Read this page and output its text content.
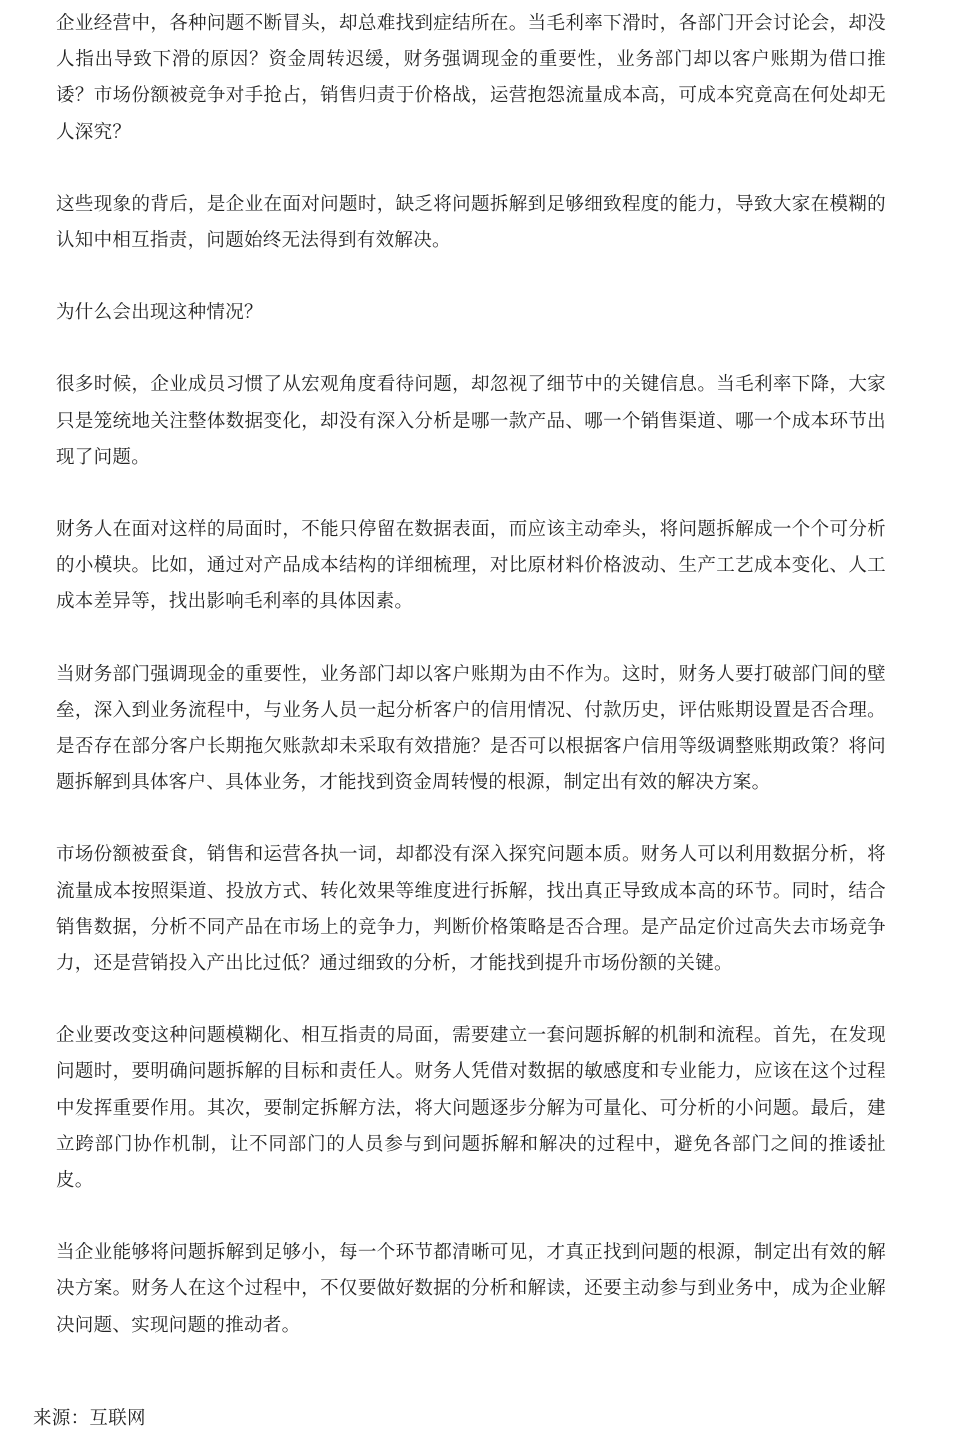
企业经营中，各种问题不断冒头，却总难找到症结所在。当毛利率下滑时，各部门开会讨论会，却没人指出导致下滑的原因？资金周转迟缓，财务强调现金的重要性，业务部门却以客户账期为借口推诿？市场份额被竞争对手抢占，销售归责于价格战，运营抱怨流量成本高，可成本究竟高在何处却无人深究？

这些现象的背后，是企业在面对问题时，缺乏将问题拆解到足够细致程度的能力，导致大家在模糊的认知中相互指责，问题始终无法得到有效解决。

为什么会出现这种情况？

很多时候，企业成员习惯了从宏观角度看待问题，却忽视了细节中的关键信息。当毛利率下降，大家只是笼统地关注整体数据变化，却没有深入分析是哪一款产品、哪一个销售渠道、哪一个成本环节出现了问题。

财务人在面对这样的局面时，不能只停留在数据表面，而应该主动牵头，将问题拆解成一个个可分析的小模块。比如，通过对产品成本结构的详细梳理，对比原材料价格波动、生产工艺成本变化、人工成本差异等，找出影响毛利率的具体因素。

当财务部门强调现金的重要性，业务部门却以客户账期为由不作为。这时，财务人要打破部门间的壁垒，深入到业务流程中，与业务人员一起分析客户的信用情况、付款历史，评估账期设置是否合理。是否存在部分客户长期拖欠账款却未采取有效措施？是否可以根据客户信用等级调整账期政策？将问题拆解到具体客户、具体业务，才能找到资金周转慢的根源，制定出有效的解决方案。

市场份额被蚕食，销售和运营各执一词，却都没有深入探究问题本质。财务人可以利用数据分析，将流量成本按照渠道、投放方式、转化效果等维度进行拆解，找出真正导致成本高的环节。同时，结合销售数据，分析不同产品在市场上的竞争力，判断价格策略是否合理。是产品定价过高失去市场竞争力，还是营销投入产出比过低？通过细致的分析，才能找到提升市场份额的关键。

企业要改变这种问题模糊化、相互指责的局面，需要建立一套问题拆解的机制和流程。首先，在发现问题时，要明确问题拆解的目标和责任人。财务人凭借对数据的敏感度和专业能力，应该在这个过程中发挥重要作用。其次，要制定拆解方法，将大问题逐步分解为可量化、可分析的小问题。最后，建立跨部门协作机制，让不同部门的人员参与到问题拆解和解决的过程中，避免各部门之间的推诿扯皮。

当企业能够将问题拆解到足够小，每一个环节都清晰可见，才真正找到问题的根源，制定出有效的解决方案。财务人在这个过程中，不仅要做好数据的分析和解读，还要主动参与到业务中，成为企业解决问题、实现问题的推动者。

来源：互联网
